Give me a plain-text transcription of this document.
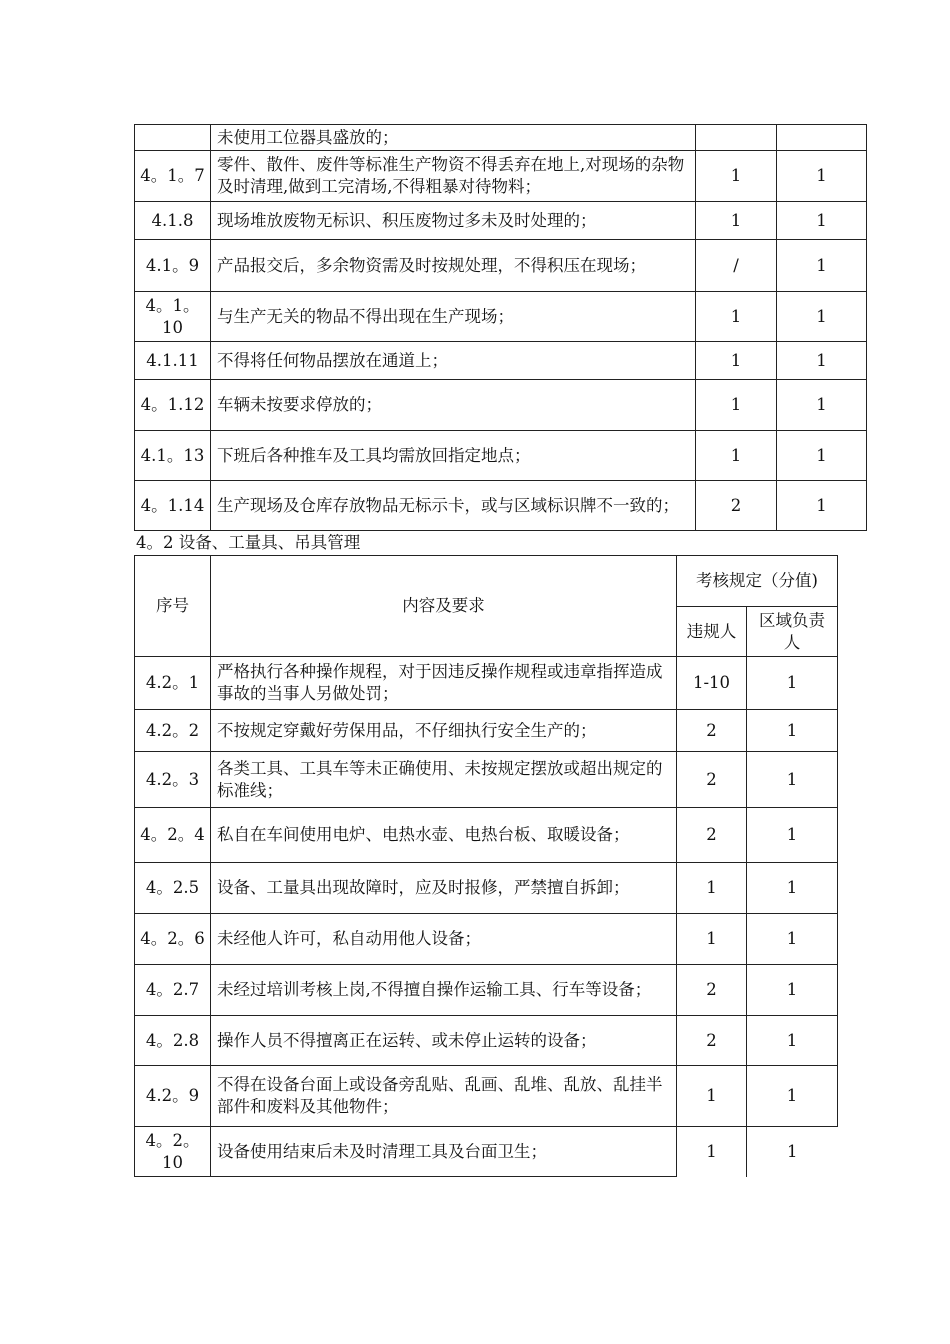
	未使用工位器具盛放的；		
4。1。7	零件、散件、废件等标准生产物资不得丢弃在地上,对现场的杂物及时清理,做到工完清场,不得粗暴对待物料；	1	1
4.1.8	现场堆放废物无标识、积压废物过多未及时处理的；	1	1
4.1。9	产品报交后，多余物资需及时按规处理，不得积压在现场；	/	1
4。1。10	与生产无关的物品不得出现在生产现场；	1	1
4.1.11	不得将任何物品摆放在通道上；	1	1
4。1.12	车辆未按要求停放的；	1	1
4.1。13	下班后各种推车及工具均需放回指定地点；	1	1
4。1.14	生产现场及仓库存放物品无标示卡，或与区域标识牌不一致的；	2	1
4。2 设备、工量具、吊具管理
序号	内容及要求	考核规定（分值)	
		违规人	区域负责人
4.2。1	严格执行各种操作规程，对于因违反操作规程或违章指挥造成事故的当事人另做处罚；	1-10	1
4.2。2	不按规定穿戴好劳保用品，不仔细执行安全生产的；	2	1
4.2。3	各类工具、工具车等未正确使用、未按规定摆放或超出规定的标准线；	2	1
4。2。4	私自在车间使用电炉、电热水壶、电热台板、取暖设备；	2	1
4。2.5	设备、工量具出现故障时，应及时报修，严禁擅自拆卸；	1	1
4。2。6	未经他人许可，私自动用他人设备；	1	1
4。2.7	未经过培训考核上岗,不得擅自操作运输工具、行车等设备；	2	1
4。2.8	操作人员不得擅离正在运转、或未停止运转的设备；	2	1
4.2。9	不得在设备台面上或设备旁乱贴、乱画、乱堆、乱放、乱挂半部件和废料及其他物件；	1	1
4。2。10	设备使用结束后未及时清理工具及台面卫生；	1	1
